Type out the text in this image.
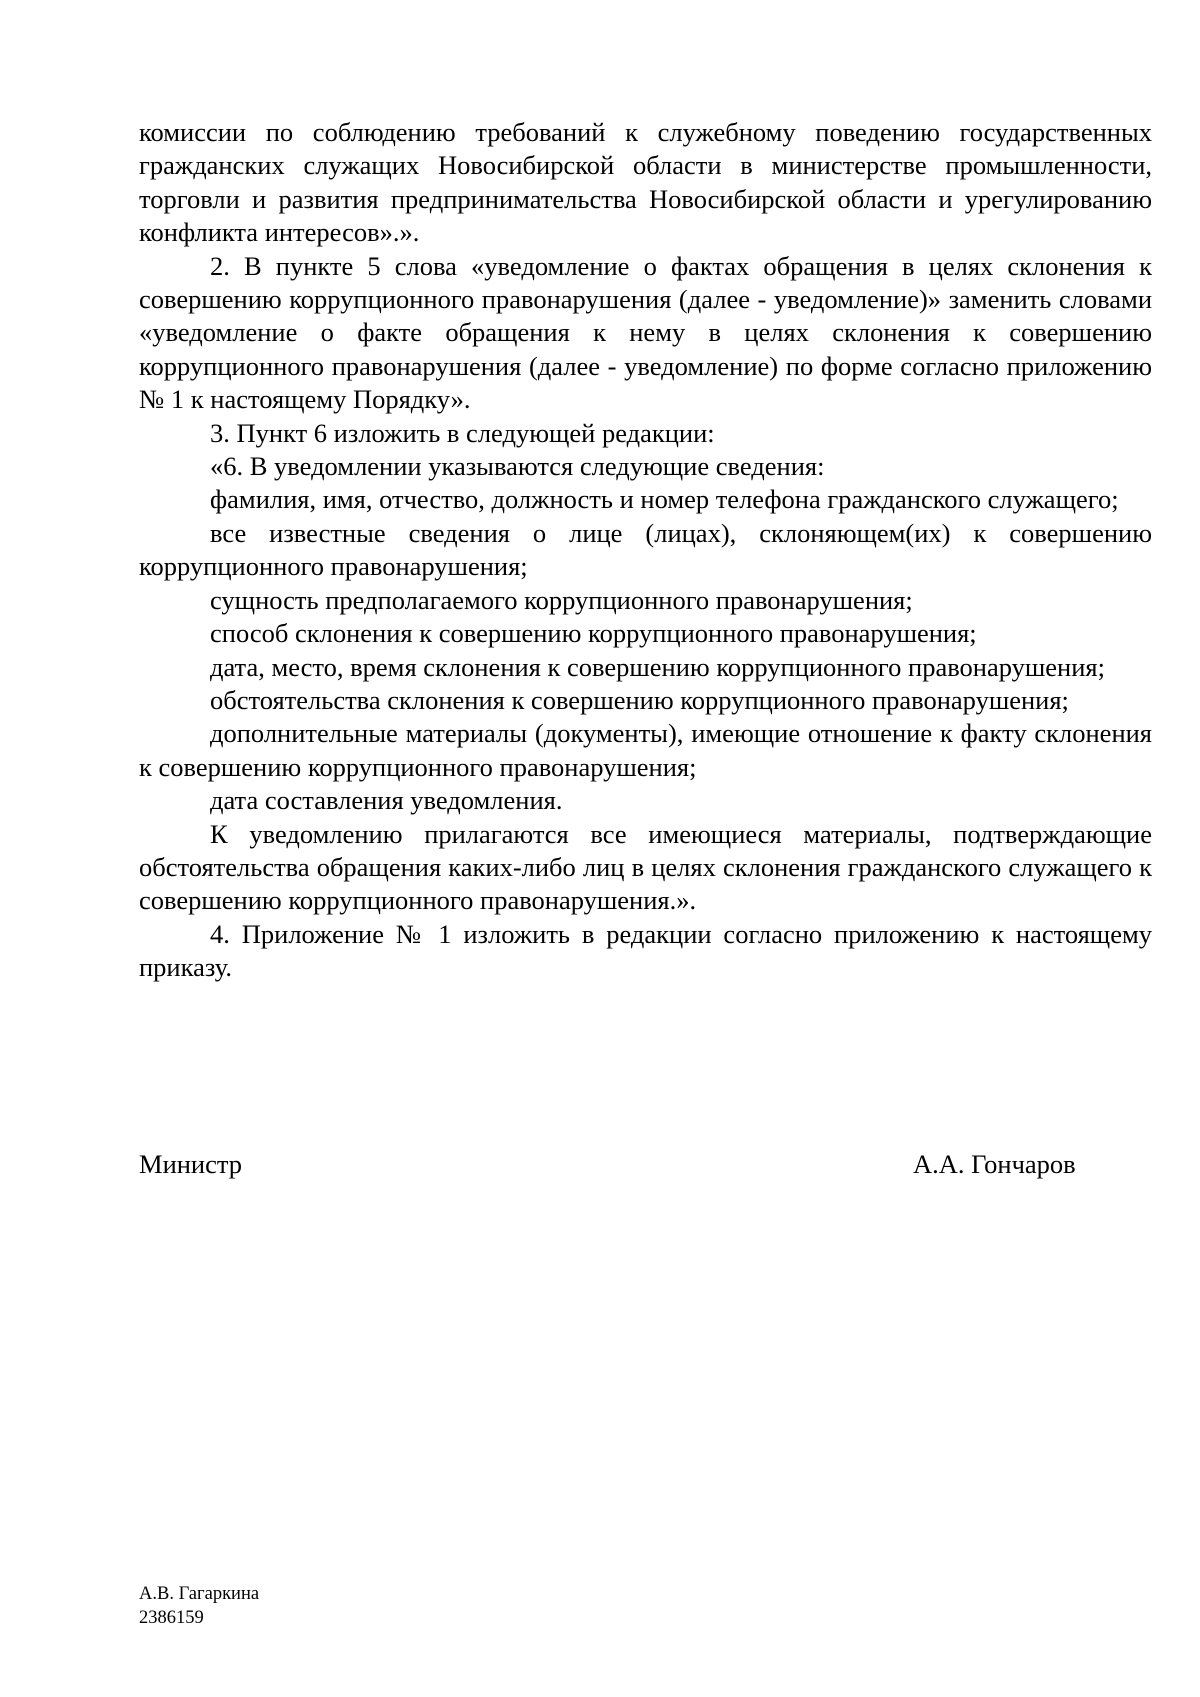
комиссии по соблюдению требований к служебному поведению государственных гражданских служащих Новосибирской области в министерстве промышленности, торговли и развития предпринимательства Новосибирской области и урегулированию конфликта интересов».».

2. В пункте 5 слова «уведомление о фактах обращения в целях склонения к совершению коррупционного правонарушения (далее - уведомление)» заменить словами «уведомление о факте обращения к нему в целях склонения к совершению коррупционного правонарушения (далее - уведомление) по форме согласно приложению № 1 к настоящему Порядку».

3. Пункт 6 изложить в следующей редакции:

«6. В уведомлении указываются следующие сведения:

фамилия, имя, отчество, должность и номер телефона гражданского служащего;

все известные сведения о лице (лицах), склоняющем(их) к совершению коррупционного правонарушения;

сущность предполагаемого коррупционного правонарушения;

способ склонения к совершению коррупционного правонарушения;

дата, место, время склонения к совершению коррупционного правонарушения;

обстоятельства склонения к совершению коррупционного правонарушения;

дополнительные материалы (документы), имеющие отношение к факту склонения к совершению коррупционного правонарушения;

дата составления уведомления.

К уведомлению прилагаются все имеющиеся материалы, подтверждающие обстоятельства обращения каких-либо лиц в целях склонения гражданского служащего к совершению коррупционного правонарушения.».

4. Приложение № 1 изложить в редакции согласно приложению к настоящему приказу.

Министр	А.А. Гончаров
А.В. Гагаркина
2386159
